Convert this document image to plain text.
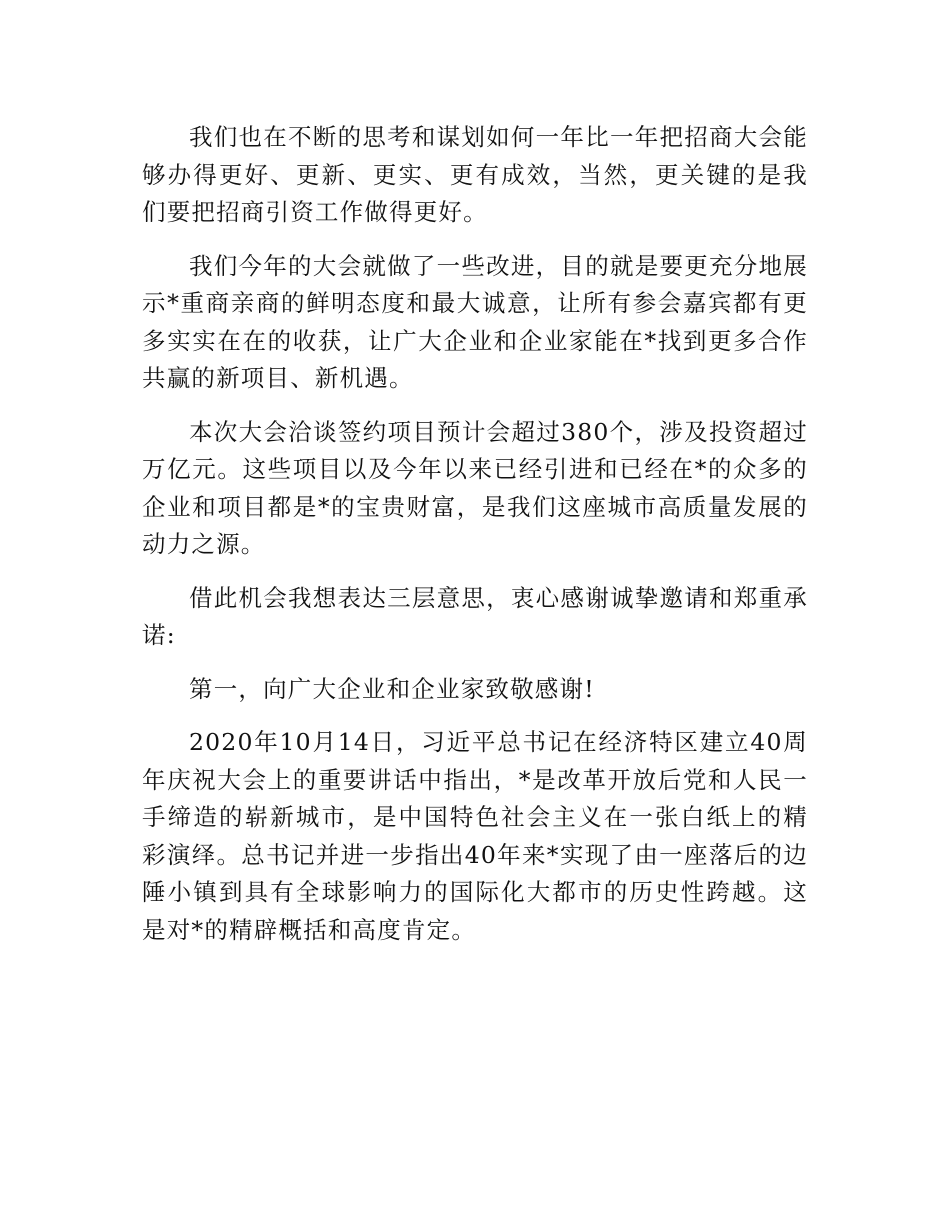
我们也在不断的思考和谋划如何一年比一年把招商大会能够办得更好、更新、更实、更有成效，当然，更关键的是我们要把招商引资工作做得更好。

我们今年的大会就做了一些改进，目的就是要更充分地展示*重商亲商的鲜明态度和最大诚意，让所有参会嘉宾都有更多实实在在的收获，让广大企业和企业家能在*找到更多合作共赢的新项目、新机遇。

本次大会洽谈签约项目预计会超过380个，涉及投资超过万亿元。这些项目以及今年以来已经引进和已经在*的众多的企业和项目都是*的宝贵财富，是我们这座城市高质量发展的动力之源。

借此机会我想表达三层意思，衷心感谢诚挚邀请和郑重承诺:

第一，向广大企业和企业家致敬感谢!

2020年10月14日，习近平总书记在经济特区建立40周年庆祝大会上的重要讲话中指出，*是改革开放后党和人民一手缔造的崭新城市，是中国特色社会主义在一张白纸上的精彩演绎。总书记并进一步指出40年来*实现了由一座落后的边陲小镇到具有全球影响力的国际化大都市的历史性跨越。这是对*的精辟概括和高度肯定。
